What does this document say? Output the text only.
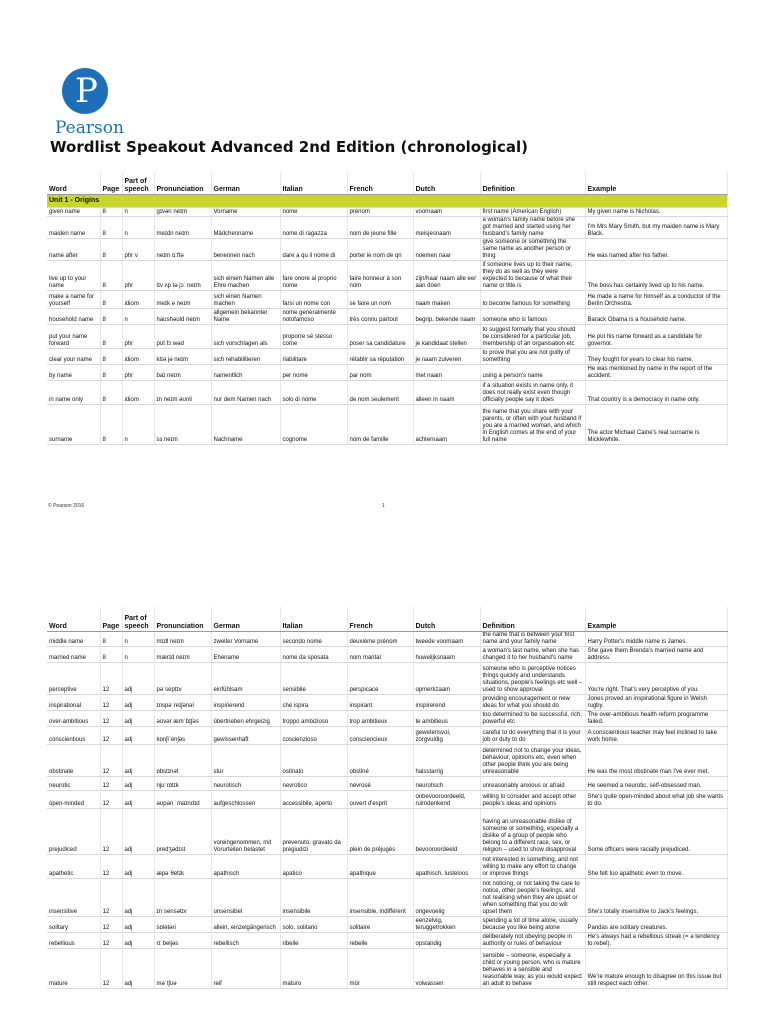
P
Pearson
Wordlist Speakout Advanced 2nd Edition (chronological)
Word	Page	Part of speech	Pronunciation	German	Italian	French	Dutch	Definition	Example
Unit 1 - Origins									
given name	8	n	ɡɪvən neɪm	Vorname	nome	prénom	voornaam	first name (American English)	My given name is Nicholas.
maiden name	8	n	meɪdn neɪm	Mädchenname	nome di ragazza	nom de jeune fille	meisjesnaam	a woman's family name before she got married and started using her husband's family name	I'm Mrs Mary Smith, but my maiden name is Mary Black.
name after	8	phr v	neɪm ɑːftə	benennen nach	dare a qu il nome di	porter le nom de qn	noemen naar	give someone or something the same name as another person or thing	He was named after his father.
live up to your name	8	phr	lɪv ʌp tə jɔː neɪm	sich einem Namen alle Ehre machen	fare onore al proprio nome	faire honneur à son nom	zijn/haar naam alle eer aan doen	if someone lives up to their name, they do as well as they were expected to because of what their name or title is	The boss has certainly lived up to his name.
make a name for yourself	8	idiom	meɪk ə neɪm	sich einen Namen machen	farsi un nome con	se faire un nom	naam maken	to become famous for something	He made a name for himself as a conductor of the Berlin Orchestra.
household name	8	n	haʊshəʊld neɪm	allgemein bekannter Name	nome generalmente notofamoso	très connu partout	begrip, bekende naam	someone who is famous	Barack Obama is a household name.
put your name forward	8	phr	pʊt fɔːwəd	sich vorschlagen als	proporre sé stesso come	poser sa candidature	je kandidaat stellen	to suggest formally that you should be considered for a particular job, membership of an organisation etc	He put his name forward as a candidate for governor.
clear your name	8	idiom	klɪə jə neɪm	sich rehabilitieren	riabilitare	rétablir sa réputation	je naam zuiveren	to prove that you are not guilty of something	They fought for years to clear his name.
by name	8	phr	baɪ neɪm	namentlich	per nome	par nom	met naam	using a person's name	He was mentioned by name in the report of the accident.
in name only	8	idiom	ɪn neɪm əʊnli	nur dem Namen nach	solo di nome	de nom seulement	alleen in naam	if a situation exists in name only, it does not really exist even though officially people say it does	That country is a democracy in name only.
surname	8	n	sɜːneɪm	Nachname	cognome	nom de famille	achternaam	the name that you share with your parents, or often with your husband if you are a married woman, and which in English comes at the end of your full name	The actor Michael Caine's real surname is Micklewhite.
© Pearson 2016	1
Word	Page	Part of speech	Pronunciation	German	Italian	French	Dutch	Definition	Example
middle name	8	n	mɪdl neɪm	zweiter Vorname	secondo nome	deuxième prénom	tweede voornaam	the name that is between your first name and your family name	Harry Potter's middle name is James.
married name	8	n	mærɪd neɪm	Ehename	nome da sposata	nom marital	huwelijksnaam	a woman's last name, when she has changed it to her husband's name	She gave them Brenda's married name and address.
perceptive	12	adj	pəˈseptɪv	einfühlsam	sensibile	perspicace	opmerkzaam	someone who is perceptive notices things quickly and understands situations, people's feelings etc well – used to show approval	You're right. That's very perceptive of you.
inspirational	12	adj	ɪnspəˈreɪʃənəl	inspirierend	che ispira	inspirant	inspirerend	providing encouragement or new ideas for what you should do	Jones proved an inspirational figure in Welsh rugby.
over-ambitious	12	adj	əʊvər æmˈbɪʃəs	übertrieben ehrgeizig	troppo ambizioso	trop ambitieux	te ambitieus	too determined to be successful, rich, powerful etc	The over-ambitious health reform programme failed.
conscientious	12	adj	kɒnʃiˈenʃəs	gewissenhaft	coscienzioso	consciencieux	gewetensvol, zorgvuldig	careful to do everything that it is your job or duty to do	A conscientious teacher may feel inclined to take work home.
obstinate	12	adj	ɒbstɪnət	stur	ostinato	obstiné	halsstarrig	determined not to change your ideas, behaviour, opinions etc, even when other people think you are being unreasonable	He was the most obstinate man I've ever met.
neurotic	12	adj	njʊˈrɒtɪk	neurotisch	nevrotico	névrosé	neurotisch	unreasonably anxious or afraid	He seemed a neurotic, self-obsessed man.
open-minded	12	adj	əʊpən ˈmaɪndɪd	aufgeschlossen	accessibile, aperto	ouvert d'esprit	onbevooroordeeld, ruimdenkend	willing to consider and accept other people's ideas and opinions	She's quite open-minded about what job she wants to do.
prejudiced	12	adj	predʒədɪst	voreingenommen, mit Vorurteilen belastet	prevenuto, gravato da pregiudizi	plein de préjugés	bevooroordeeld	having an unreasonable dislike of someone or something, especially a dislike of a group of people who belong to a different race, sex, or religion – used to show disapproval	Some officers were racially prejudiced.
apathetic	12	adj	æpəˈθetɪk	apathisch	apatico	apathique	apathisch, lusteloos	not interested in something, and not willing to make any effort to change or improve things	She felt too apathetic even to move.
insensitive	12	adj	ɪnˈsensətɪv	unsensibel	insensibile	insensible, indifférent	ongevoelig	not noticing, or not taking the care to notice, other people's feelings, and not realising when they are upset or when something that you do will upset them	She's totally insensitive to Jack's feelings.
solitary	12	adj	sɒlətəri	allein, einzelgängerisch	solo, solitario	solitaire	eenzelvig, teruggetrokken	spending a lot of time alone, usually because you like being alone	Pandas are solitary creatures.
rebellious	12	adj	rɪˈbeljəs	rebellisch	ribelle	rebelle	opstandig	deliberately not obeying people in authority or rules of behaviour	He's always had a rebellious streak (= a tendency to rebel).
mature	12	adj	məˈtʃʊə	reif	maturo	mûr	volwassen	sensible – someone, especially a child or young person, who is mature behaves in a sensible and reasonable way, as you would expect an adult to behave	We're mature enough to disagree on this issue but still respect each other.
